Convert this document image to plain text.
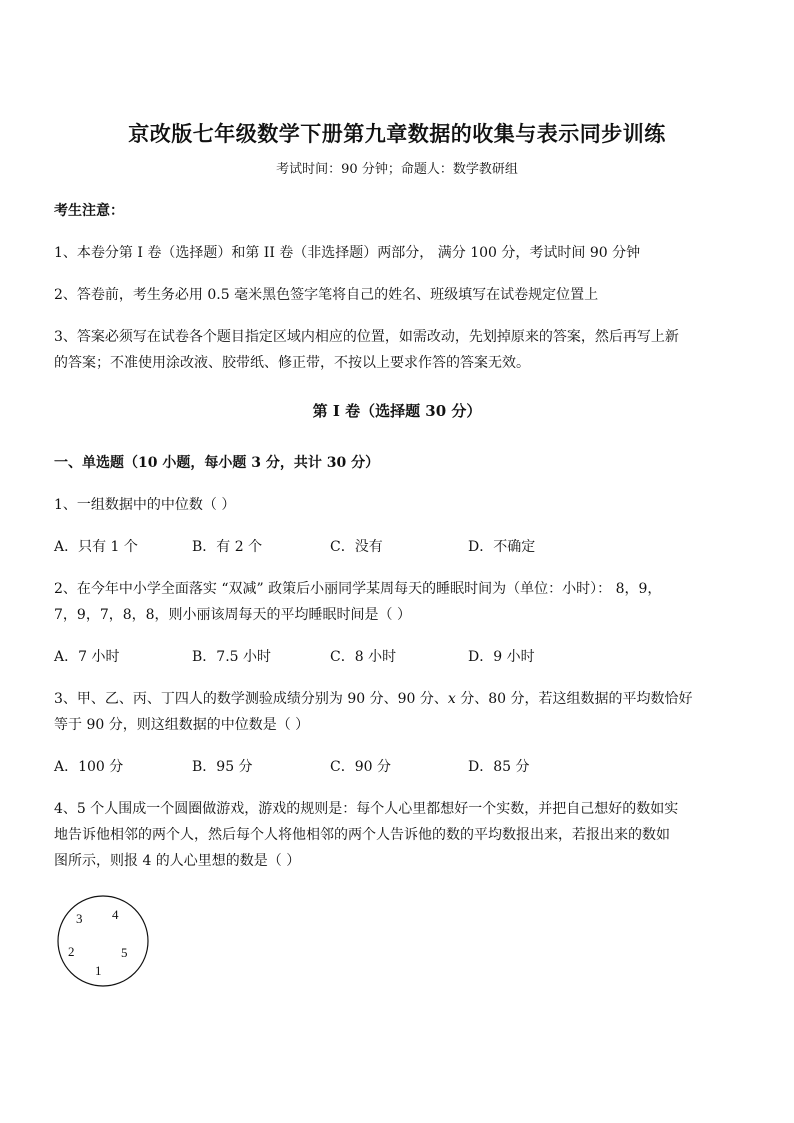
京改版七年级数学下册第九章数据的收集与表示同步训练
考试时间：90 分钟；命题人：数学教研组
考生注意：
1、本卷分第 I 卷（选择题）和第 II 卷（非选择题）两部分， 满分 100 分，考试时间 90 分钟
2、答卷前，考生务必用 0.5 毫米黑色签字笔将自己的姓名、班级填写在试卷规定位置上
3、答案必须写在试卷各个题目指定区域内相应的位置，如需改动，先划掉原来的答案，然后再写上新
的答案；不准使用涂改液、胶带纸、修正带，不按以上要求作答的答案无效。
第 I 卷（选择题 30 分）
一、单选题（10 小题，每小题 3 分，共计 30 分）
1、一组数据中的中位数（ ）
A．只有 1 个	B．有 2 个	C．没有	D．不确定
2、在今年中小学全面落实 “双减” 政策后小丽同学某周每天的睡眠时间为（单位：小时）： 8，9，
7，9，7，8，8，则小丽该周每天的平均睡眠时间是（ ）
A．7 小时	B．7.5 小时	C．8 小时	D．9 小时
3、甲、乙、丙、丁四人的数学测验成绩分别为 90 分、90 分、x 分、80 分，若这组数据的平均数恰好
等于 90 分，则这组数据的中位数是（ ）
A．100 分	B．95 分	C．90 分	D．85 分
4、5 个人围成一个圆圈做游戏，游戏的规则是：每个人心里都想好一个实数，并把自己想好的数如实
地告诉他相邻的两个人，然后每个人将他相邻的两个人告诉他的数的平均数报出来，若报出来的数如
图所示，则报 4 的人心里想的数是（ ）
3 4
2	5
1
